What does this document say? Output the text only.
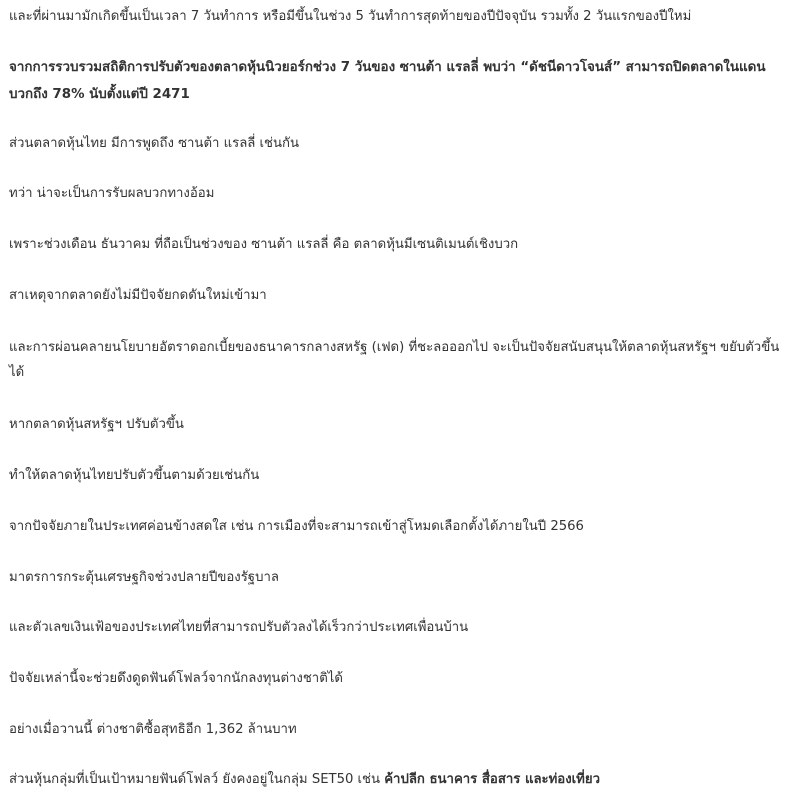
และที่ผ่านมามักเกิดขึ้นเป็นเวลา 7 วันทำการ หรือมีขึ้นในช่วง 5 วันทำการสุดท้ายของปีปัจจุบัน รวมทั้ง 2 วันแรกของปีใหม่

จากการรวบรวมสถิติการปรับตัวของตลาดหุ้นนิวยอร์กช่วง 7 วันของ ซานต้า แรลลี่ พบว่า “ดัชนีดาวโจนส์” สามารถปิดตลาดในแดนบวกถึง 78% นับตั้งแต่ปี 2471

ส่วนตลาดหุ้นไทย มีการพูดถึง ซานต้า แรลลี่ เช่นกัน

ทว่า น่าจะเป็นการรับผลบวกทางอ้อม

เพราะช่วงเดือน ธันวาคม ที่ถือเป็นช่วงของ ซานต้า แรลลี่ คือ ตลาดหุ้นมีเซนติเมนต์เชิงบวก

สาเหตุจากตลาดยังไม่มีปัจจัยกดดันใหม่เข้ามา

และการผ่อนคลายนโยบายอัตราดอกเบี้ยของธนาคารกลางสหรัฐ (เฟด) ที่ชะลอออกไป จะเป็นปัจจัยสนับสนุนให้ตลาดหุ้นสหรัฐฯ ขยับตัวขึ้นได้

หากตลาดหุ้นสหรัฐฯ ปรับตัวขึ้น

ทำให้ตลาดหุ้นไทยปรับตัวขึ้นตามด้วยเช่นกัน

จากปัจจัยภายในประเทศค่อนข้างสดใส เช่น การเมืองที่จะสามารถเข้าสู่โหมดเลือกตั้งได้ภายในปี 2566

มาตรการกระตุ้นเศรษฐกิจช่วงปลายปีของรัฐบาล

และตัวเลขเงินเฟ้อของประเทศไทยที่สามารถปรับตัวลงได้เร็วกว่าประเทศเพื่อนบ้าน

ปัจจัยเหล่านี้จะช่วยดึงดูดฟันด์โฟลว์จากนักลงทุนต่างชาติได้

อย่างเมื่อวานนี้ ต่างชาติซื้อสุทธิอีก 1,362 ล้านบาท

ส่วนหุ้นกลุ่มที่เป็นเป้าหมายฟันด์โฟลว์ ยังคงอยู่ในกลุ่ม SET50 เช่น ค้าปลีก ธนาคาร สื่อสาร และท่องเที่ยว
